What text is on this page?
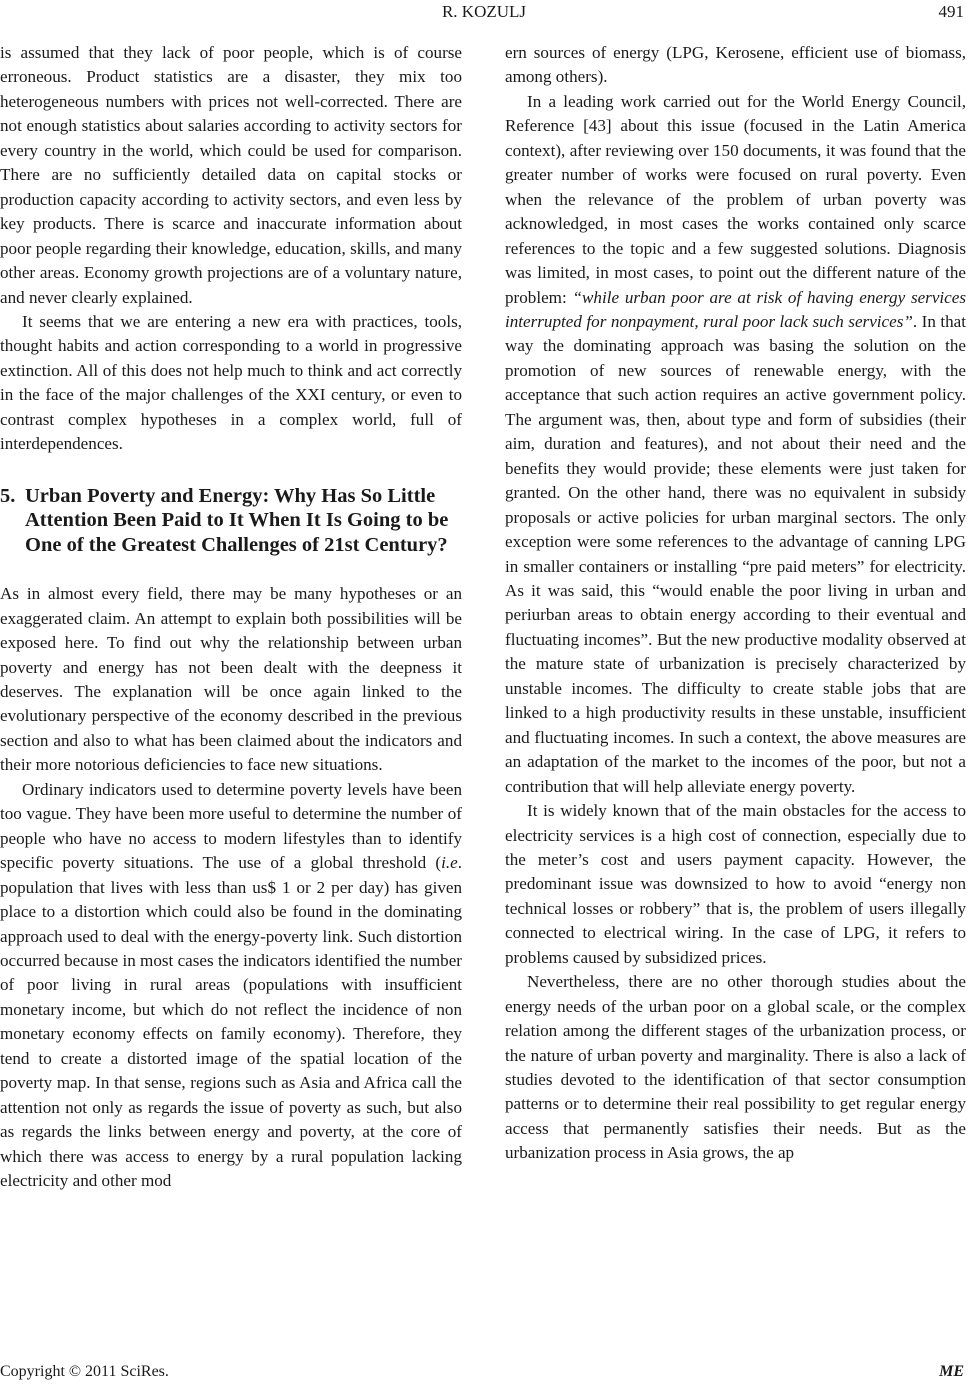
R. KOZULJ	491

is assumed that they lack of poor people, which is of course erroneous. Product statistics are a disaster, they mix too heterogeneous numbers with prices not well-corrected. There are not enough statistics about salaries according to activity sectors for every country in the world, which could be used for comparison. There are no sufficiently detailed data on capital stocks or production capacity according to activity sectors, and even less by key products. There is scarce and inaccurate information about poor people regarding their knowledge, education, skills, and many other areas. Economy growth projections are of a voluntary nature, and never clearly explained.

It seems that we are entering a new era with practices, tools, thought habits and action corresponding to a world in progressive extinction. All of this does not help much to think and act correctly in the face of the major challenges of the XXI century, or even to contrast complex hypotheses in a complex world, full of interdependences.

5. Urban Poverty and Energy: Why Has So Little Attention Been Paid to It When It Is Going to be One of the Greatest Challenges of 21st Century?

As in almost every field, there may be many hypotheses or an exaggerated claim. An attempt to explain both possibilities will be exposed here. To find out why the relationship between urban poverty and energy has not been dealt with the deepness it deserves. The explanation will be once again linked to the evolutionary perspective of the economy described in the previous section and also to what has been claimed about the indicators and their more notorious deficiencies to face new situations.

Ordinary indicators used to determine poverty levels have been too vague. They have been more useful to determine the number of people who have no access to modern lifestyles than to identify specific poverty situations. The use of a global threshold (i.e. population that lives with less than us$ 1 or 2 per day) has given place to a distortion which could also be found in the dominating approach used to deal with the energy-poverty link. Such distortion occurred because in most cases the indicators identified the number of poor living in rural areas (populations with insufficient monetary income, but which do not reflect the incidence of non monetary economy effects on family economy). Therefore, they tend to create a distorted image of the spatial location of the poverty map. In that sense, regions such as Asia and Africa call the attention not only as regards the issue of poverty as such, but also as regards the links between energy and poverty, at the core of which there was access to energy by a rural population lacking electricity and other mod

ern sources of energy (LPG, Kerosene, efficient use of biomass, among others).

In a leading work carried out for the World Energy Council, Reference [43] about this issue (focused in the Latin America context), after reviewing over 150 documents, it was found that the greater number of works were focused on rural poverty. Even when the relevance of the problem of urban poverty was acknowledged, in most cases the works contained only scarce references to the topic and a few suggested solutions. Diagnosis was limited, in most cases, to point out the different nature of the problem: “while urban poor are at risk of having energy services interrupted for nonpayment, rural poor lack such services”. In that way the dominating approach was basing the solution on the promotion of new sources of renewable energy, with the acceptance that such action requires an active government policy. The argument was, then, about type and form of subsidies (their aim, duration and features), and not about their need and the benefits they would provide; these elements were just taken for granted. On the other hand, there was no equivalent in subsidy proposals or active policies for urban marginal sectors. The only exception were some references to the advantage of canning LPG in smaller containers or installing “pre paid meters” for electricity. As it was said, this “would enable the poor living in urban and periurban areas to obtain energy according to their eventual and fluctuating incomes”. But the new productive modality observed at the mature state of urbanization is precisely characterized by unstable incomes. The difficulty to create stable jobs that are linked to a high productivity results in these unstable, insufficient and fluctuating incomes. In such a context, the above measures are an adaptation of the market to the incomes of the poor, but not a contribution that will help alleviate energy poverty.

It is widely known that of the main obstacles for the access to electricity services is a high cost of connection, especially due to the meter’s cost and users payment capacity. However, the predominant issue was downsized to how to avoid “energy non technical losses or robbery” that is, the problem of users illegally connected to electrical wiring. In the case of LPG, it refers to problems caused by subsidized prices.

Nevertheless, there are no other thorough studies about the energy needs of the urban poor on a global scale, or the complex relation among the different stages of the urbanization process, or the nature of urban poverty and marginality. There is also a lack of studies devoted to the identification of that sector consumption patterns or to determine their real possibility to get regular energy access that permanently satisfies their needs. But as the urbanization process in Asia grows, the ap

Copyright © 2011 SciRes.	ME
